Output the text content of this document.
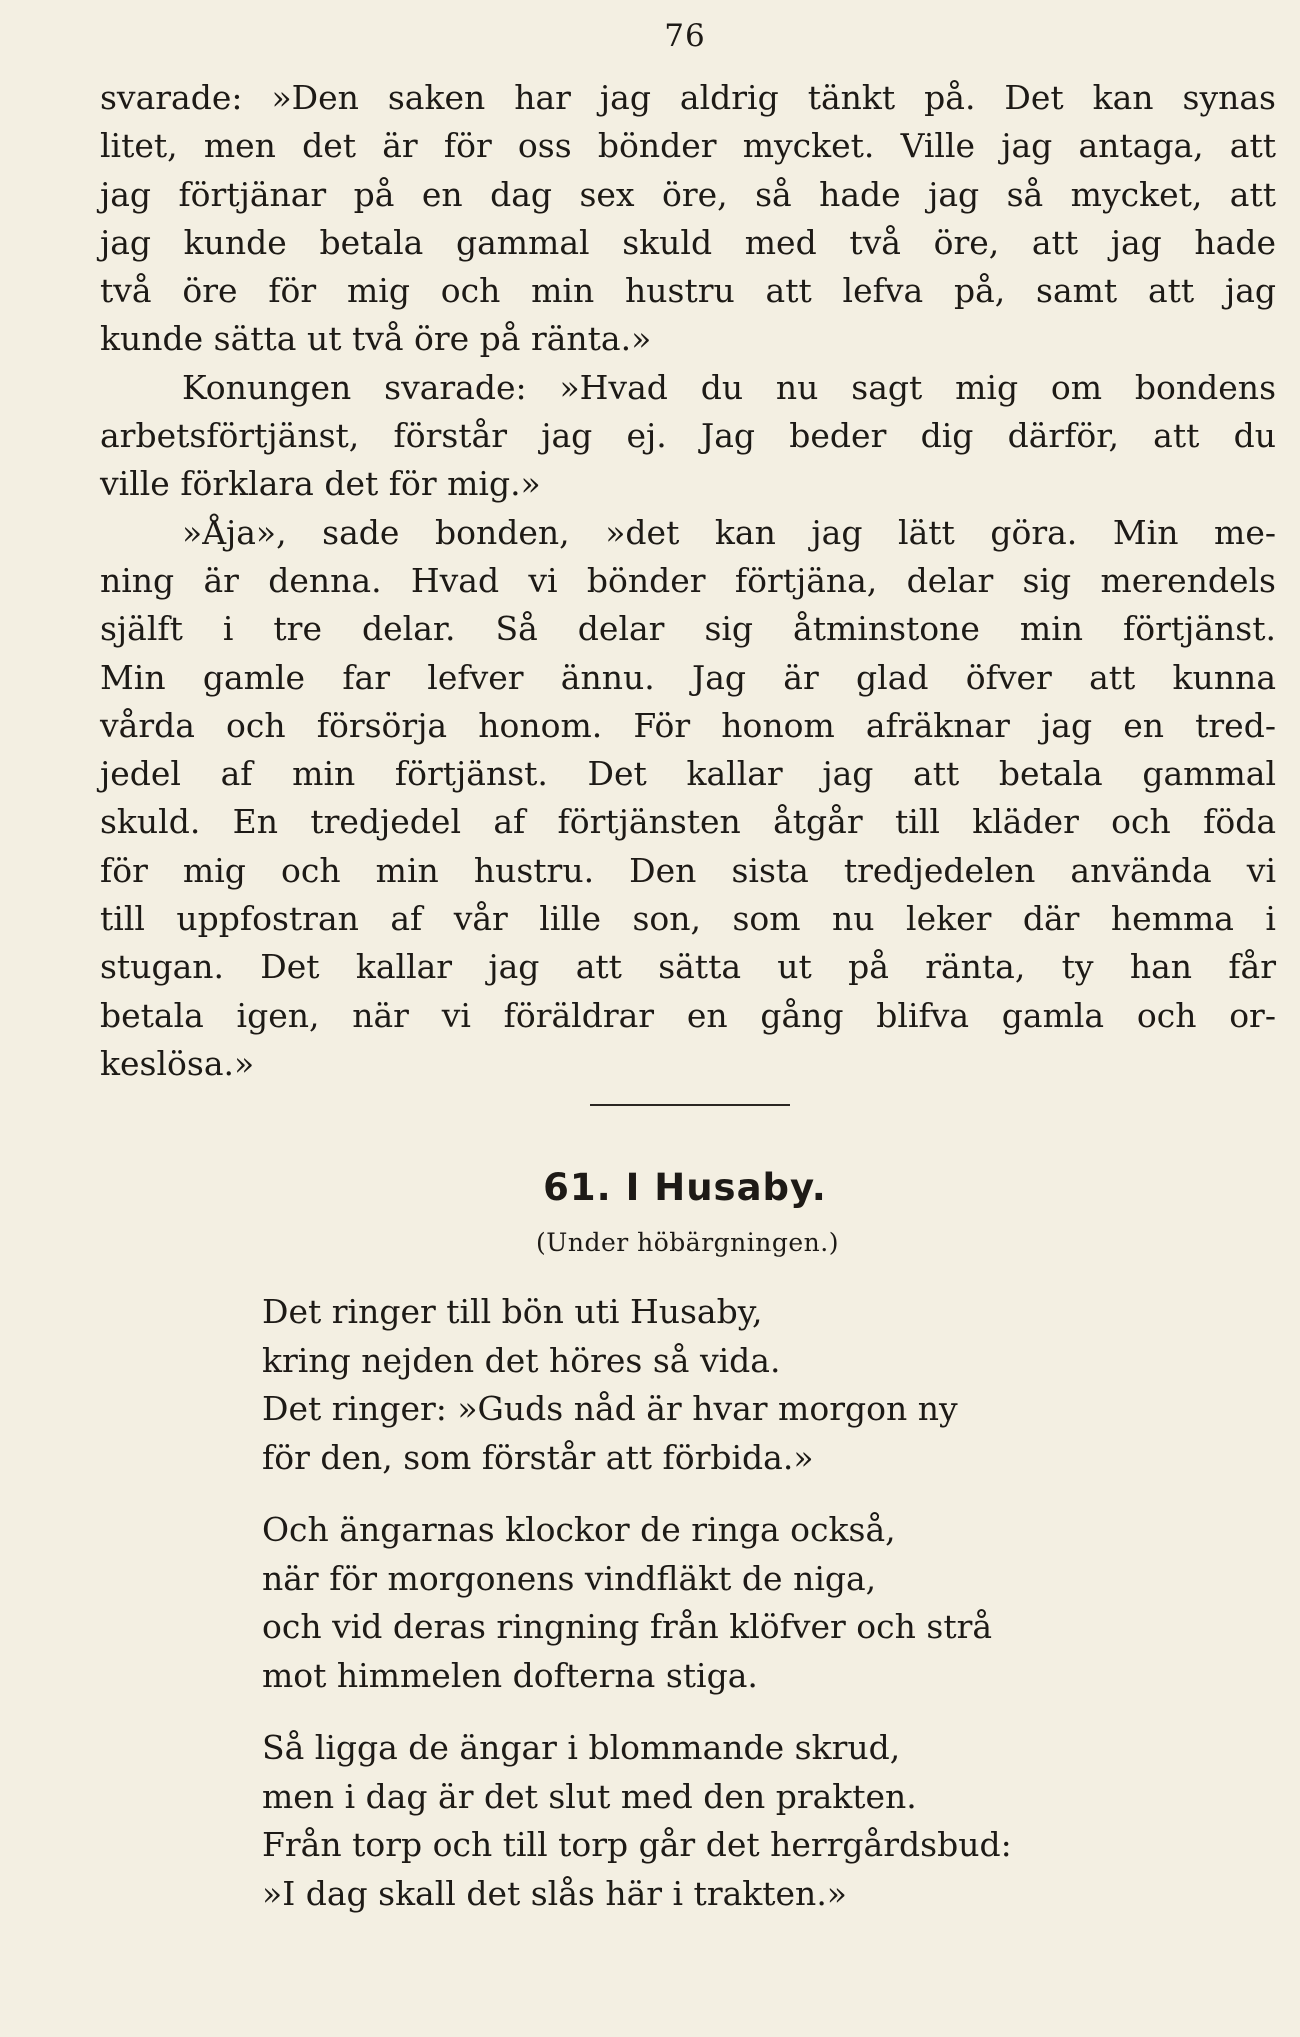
76

svarade: »Den saken har jag aldrig tänkt på. Det kan synas
litet, men det är för oss bönder mycket. Ville jag antaga, att
jag förtjänar på en dag sex öre, så hade jag så mycket, att
jag kunde betala gammal skuld med två öre, att jag hade
två öre för mig och min hustru att lefva på, samt att jag
kunde sätta ut två öre på ränta.»

Konungen svarade: »Hvad du nu sagt mig om bondens
arbetsförtjänst, förstår jag ej. Jag beder dig därför, att du
ville förklara det för mig.»

»Åja», sade bonden, »det kan jag lätt göra. Min me-
ning är denna. Hvad vi bönder förtjäna, delar sig merendels
själft i tre delar. Så delar sig åtminstone min förtjänst.
Min gamle far lefver ännu. Jag är glad öfver att kunna
vårda och försörja honom. För honom afräknar jag en tred-
jedel af min förtjänst. Det kallar jag att betala gammal
skuld. En tredjedel af förtjänsten åtgår till kläder och föda
för mig och min hustru. Den sista tredjedelen använda vi
till uppfostran af vår lille son, som nu leker där hemma i
stugan. Det kallar jag att sätta ut på ränta, ty han får
betala igen, när vi föräldrar en gång blifva gamla och or-
keslösa.»

61. I Husaby.
(Under höbärgningen.)
Det ringer till bön uti Husaby,
kring nejden det höres så vida.
Det ringer: »Guds nåd är hvar morgon ny
för den, som förstår att förbida.»
Och ängarnas klockor de ringa också,
när för morgonens vindfläkt de niga,
och vid deras ringning från klöfver och strå
mot himmelen dofterna stiga.
Så ligga de ängar i blommande skrud,
men i dag är det slut med den prakten.
Från torp och till torp går det herrgårdsbud:
»I dag skall det slås här i trakten.»
